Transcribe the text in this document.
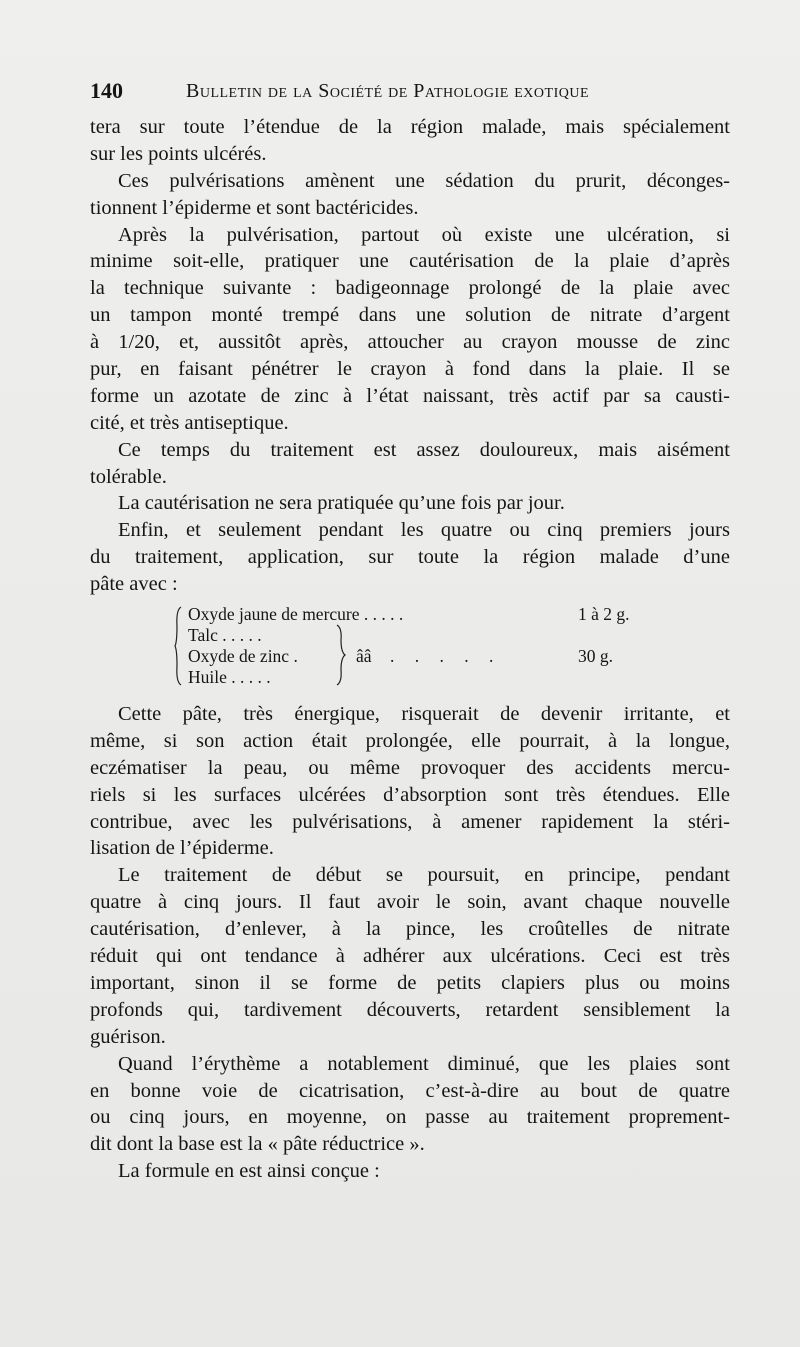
140	Bulletin de la Société de Pathologie exotique
tera sur toute l’étendue de la région malade, mais spécialement
sur les points ulcérés.
Ces pulvérisations amènent une sédation du prurit, déconges-
tionnent l’épiderme et sont bactéricides.
Après la pulvérisation, partout où existe une ulcération, si
minime soit-elle, pratiquer une cautérisation de la plaie d’après
la technique suivante : badigeonnage prolongé de la plaie avec
un tampon monté trempé dans une solution de nitrate d’argent
à 1/20, et, aussitôt après, attoucher au crayon mousse de zinc
pur, en faisant pénétrer le crayon à fond dans la plaie. Il se
forme un azotate de zinc à l’état naissant, très actif par sa causti-
cité, et très antiseptique.
Ce temps du traitement est assez douloureux, mais aisément
tolérable.
La cautérisation ne sera pratiquée qu’une fois par jour.
Enfin, et seulement pendant les quatre ou cinq premiers jours
du traitement, application, sur toute la région malade d’une
pâte avec :
Oxyde jaune de mercure . . . . .	1 à 2 g.
Talc . . . . .
Oxyde de zinc .	ââ . . . . .	30 g.
Huile . . . . .
Cette pâte, très énergique, risquerait de devenir irritante, et
même, si son action était prolongée, elle pourrait, à la longue,
eczématiser la peau, ou même provoquer des accidents mercu-
riels si les surfaces ulcérées d’absorption sont très étendues. Elle
contribue, avec les pulvérisations, à amener rapidement la stéri-
lisation de l’épiderme.
Le traitement de début se poursuit, en principe, pendant
quatre à cinq jours. Il faut avoir le soin, avant chaque nouvelle
cautérisation, d’enlever, à la pince, les croûtelles de nitrate
réduit qui ont tendance à adhérer aux ulcérations. Ceci est très
important, sinon il se forme de petits clapiers plus ou moins
profonds qui, tardivement découverts, retardent sensiblement la
guérison.
Quand l’érythème a notablement diminué, que les plaies sont
en bonne voie de cicatrisation, c’est-à-dire au bout de quatre
ou cinq jours, en moyenne, on passe au traitement proprement-
dit dont la base est la « pâte réductrice ».
La formule en est ainsi conçue :
